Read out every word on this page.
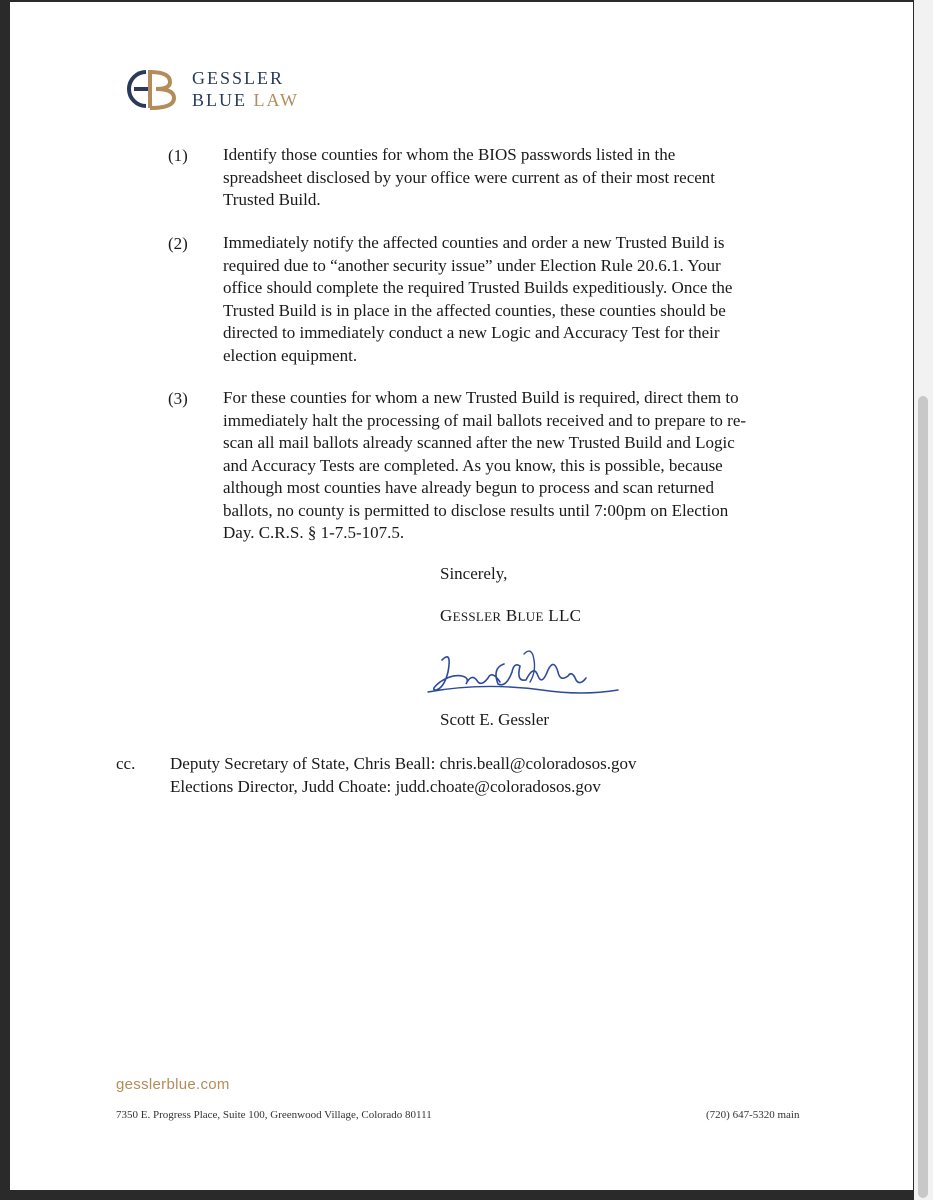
GESSLER
BLUE LAW
(1) Identify those counties for whom the BIOS passwords listed in the
spreadsheet disclosed by your office were current as of their most recent
Trusted Build.
(2) Immediately notify the affected counties and order a new Trusted Build is
required due to “another security issue” under Election Rule 20.6.1. Your
office should complete the required Trusted Builds expeditiously. Once the
Trusted Build is in place in the affected counties, these counties should be
directed to immediately conduct a new Logic and Accuracy Test for their
election equipment.
(3) For these counties for whom a new Trusted Build is required, direct them to
immediately halt the processing of mail ballots received and to prepare to re-
scan all mail ballots already scanned after the new Trusted Build and Logic
and Accuracy Tests are completed. As you know, this is possible, because
although most counties have already begun to process and scan returned
ballots, no county is permitted to disclose results until 7:00pm on Election
Day. C.R.S. § 1-7.5-107.5.
Sincerely,
GESSLER BLUE LLC
Scott E. Gessler
cc. Deputy Secretary of State, Chris Beall: chris.beall@coloradosos.gov
Elections Director, Judd Choate: judd.choate@coloradosos.gov
gesslerblue.com
7350 E. Progress Place, Suite 100, Greenwood Village, Colorado 80111	(720) 647-5320 main
